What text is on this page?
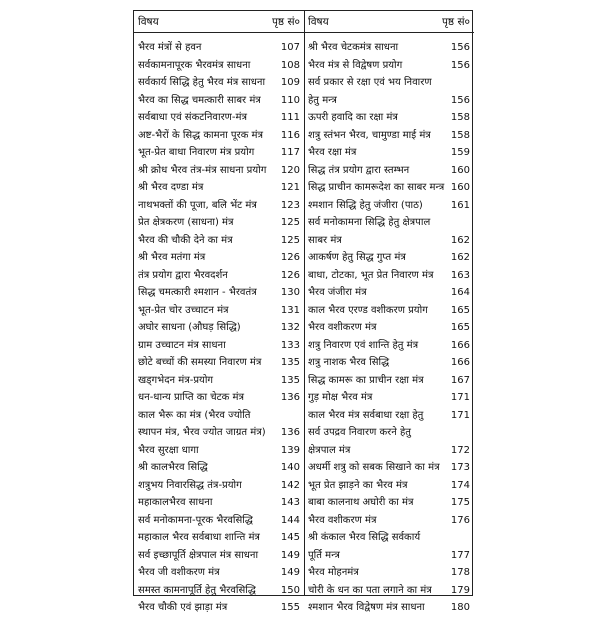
विषय	पृष्ठ सं० विषय	पृष्ठ सं०
भैरव मंत्रों से हवन	107
सर्वकामनापूरक भैरवमंत्र साधना	108
सर्वकार्य सिद्धि हेतु भैरव मंत्र साधना	109
भैरव का सिद्ध चमत्कारी साबर मंत्र	110
सर्वबाधा एवं संकटनिवारण-मंत्र	111
अष्ट-भैरों के सिद्ध कामना पूरक मंत्र	116
भूत-प्रेत बाधा निवारण मंत्र प्रयोग	117
श्री क्रोध भैरव तंत्र-मंत्र साधना प्रयोग	120
श्री भैरव दण्डा मंत्र	121
नाथभक्तों की पूजा, बलि भेंट मंत्र	123
प्रेत क्षेत्रकरण (साधना) मंत्र	125
भैरव की चौकी देने का मंत्र	125
श्री भैरव मतंगा मंत्र	126
तंत्र प्रयोग द्वारा भैरवदर्शन	126
सिद्ध चमत्कारी श्मशान - भैरवतंत्र	130
भूत-प्रेत चोर उच्चाटन मंत्र	131
अघोर साधना (औघड़ सिद्धि)	132
ग्राम उच्चाटन मंत्र साधना	133
छोटे बच्चों की समस्या निवारण मंत्र	135
खड्गभेदन मंत्र-प्रयोग	135
धन-धान्य प्राप्ति का चेटक मंत्र	136
काल भैरू का मंत्र (भैरव ज्योति
स्थापन मंत्र, भैरव ज्योत जाग्रत मंत्र)	136
भैरव सुरक्षा धागा	139
श्री कालभैरव सिद्धि	140
शत्रुभय निवारसिद्ध तंत्र-प्रयोग	142
महाकालभैरव साधना	143
सर्व मनोकामना-पूरक भैरवसिद्धि	144
महाकाल भैरव सर्वबाधा शान्ति मंत्र	145
सर्व इच्छापूर्ति क्षेत्रपाल मंत्र साधना	149
भैरव जी वशीकरण मंत्र	149
समस्त कामनापूर्ति हेतु भैरवसिद्धि	150
भैरव चौकी एवं झाड़ा मंत्र	155
श्री भैरव चेटकमंत्र साधना	156
भैरव मंत्र से विद्वेषण प्रयोग	156
सर्व प्रकार से रक्षा एवं भय निवारण
हेतु मन्त्र	156
ऊपरी हवादि का रक्षा मंत्र	158
शत्रु स्तंभन भैरव, चामुण्डा माई मंत्र	158
भैरव रक्षा मंत्र	159
सिद्ध तंत्र प्रयोग द्वारा स्तम्भन	160
सिद्ध प्राचीन कामरूदेश का साबर मन्त्र 160
श्मशान सिद्धि हेतु जंजीरा (पाठ)	161
सर्व मनोकामना सिद्धि हेतु क्षेत्रपाल
साबर मंत्र	162
आकर्षण हेतु सिद्ध गुप्त मंत्र	162
बाधा, टोटका, भूत प्रेत निवारण मंत्र	163
भैरव जंजीरा मंत्र	164
काल भैरव एरण्ड वशीकरण प्रयोग	165
भैरव वशीकरण मंत्र	165
शत्रु निवारण एवं शान्ति हेतु मंत्र	166
शत्रु नाशक भैरव सिद्धि	166
सिद्ध कामरू का प्राचीन रक्षा मंत्र	167
गुड़ मोक्ष भैरव मंत्र	171
काल भैरव मंत्र सर्वबाधा रक्षा हेतु	171
सर्व उपद्रव निवारण करने हेतु
क्षेत्रपाल मंत्र	172
अधर्मी शत्रु को सबक सिखाने का मंत्र	173
भूत प्रेत झाड़ने का भैरव मंत्र	174
बाबा कालनाथ अघोरी का मंत्र	175
भैरव वशीकरण मंत्र	176
श्री कंकाल भैरव सिद्धि सर्वकार्य
पूर्ति मन्त्र	177
भैरव मोहनमंत्र	178
चोरी के धन का पता लगाने का मंत्र	179
श्मशान भैरव विद्वेषण मंत्र साधना	180
